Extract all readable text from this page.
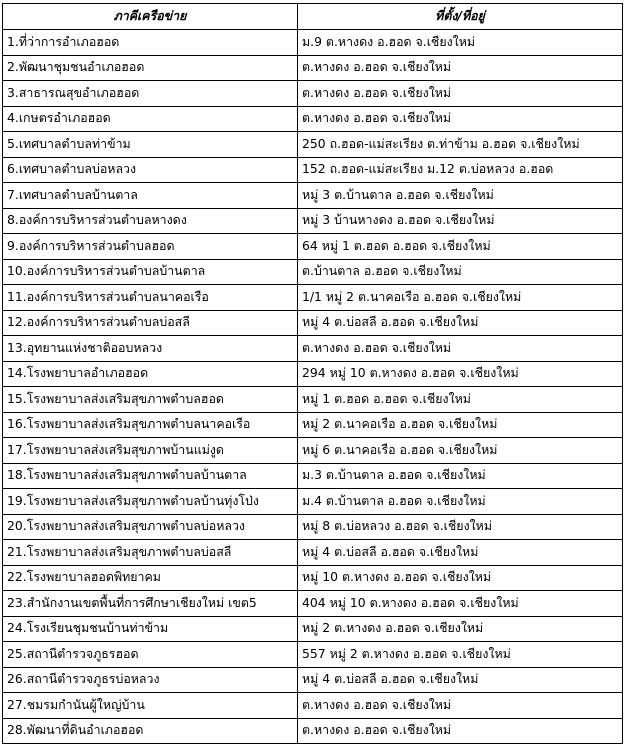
ภาคีเครือข่าย	ที่ตั้ง/ที่อยู่
1.ที่ว่าการอำเภอฮอด	ม.9 ต.หางดง อ.ฮอด จ.เชียงใหม่
2.พัฒนาชุมชนอำเภอฮอด	ต.หางดง อ.ฮอด จ.เชียงใหม่
3.สาธารณสุขอำเภอฮอด	ต.หางดง อ.ฮอด จ.เชียงใหม่
4.เกษตรอำเภอฮอด	ต.หางดง อ.ฮอด จ.เชียงใหม่
5.เทศบาลตำบลท่าข้าม	250 ถ.ฮอด-แม่สะเรียง ต.ท่าข้าม อ.ฮอด จ.เชียงใหม่
6.เทศบาลตำบลบ่อหลวง	152 ถ.ฮอด-แม่สะเรียง ม.12 ต.บ่อหลวง อ.ฮอด
7.เทศบาลตำบลบ้านตาล	หมู่ 3 ต.บ้านตาล อ.ฮอด จ.เชียงใหม่
8.องค์การบริหารส่วนตำบลหางดง	หมู่ 3 บ้านหางดง อ.ฮอด จ.เชียงใหม่
9.องค์การบริหารส่วนตำบลฮอด	64 หมู่ 1 ต.ฮอด อ.ฮอด จ.เชียงใหม่
10.องค์การบริหารส่วนตำบลบ้านตาล	ต.บ้านตาล อ.ฮอด จ.เชียงใหม่
11.องค์การบริหารส่วนตำบลนาคอเรือ	1/1 หมู่ 2 ต.นาคอเรือ อ.ฮอด จ.เชียงใหม่
12.องค์การบริหารส่วนตำบลบ่อสลี	หมู่ 4 ต.บ่อสลี อ.ฮอด จ.เชียงใหม่
13.อุทยานแห่งชาติออบหลวง	ต.หางดง อ.ฮอด จ.เชียงใหม่
14.โรงพยาบาลอำเภอฮอด	294 หมู่ 10 ต.หางดง อ.ฮอด จ.เชียงใหม่
15.โรงพยาบาลส่งเสริมสุขภาพตำบลฮอด	หมู่ 1 ต.ฮอด อ.ฮอด จ.เชียงใหม่
16.โรงพยาบาลส่งเสริมสุขภาพตำบลนาคอเรือ	หมู่ 2 ต.นาคอเรือ อ.ฮอด จ.เชียงใหม่
17.โรงพยาบาลส่งเสริมสุขภาพบ้านแม่งูด	หมู่ 6 ต.นาคอเรือ อ.ฮอด จ.เชียงใหม่
18.โรงพยาบาลส่งเสริมสุขภาพตำบลบ้านตาล	ม.3 ต.บ้านตาล อ.ฮอด จ.เชียงใหม่
19.โรงพยาบาลส่งเสริมสุขภาพตำบลบ้านทุ่งโป่ง	ม.4 ต.บ้านตาล อ.ฮอด จ.เชียงใหม่
20.โรงพยาบาลส่งเสริมสุขภาพตำบลบ่อหลวง	หมู่ 8 ต.บ่อหลวง อ.ฮอด จ.เชียงใหม่
21.โรงพยาบาลส่งเสริมสุขภาพตำบลบ่อสลี	หมู่ 4 ต.บ่อสลี อ.ฮอด จ.เชียงใหม่
22.โรงพยาบาลฮอดพิทยาคม	หมู่ 10 ต.หางดง อ.ฮอด จ.เชียงใหม่
23.สำนักงานเขตพื้นที่การศึกษาเชียงใหม่ เขต5	404 หมู่ 10 ต.หางดง อ.ฮอด จ.เชียงใหม่
24.โรงเรียนชุมชนบ้านท่าข้าม	หมู่ 2 ต.หางดง อ.ฮอด จ.เชียงใหม่
25.สถานีตำรวจภูธรฮอด	557 หมู่ 2 ต.หางดง อ.ฮอด จ.เชียงใหม่
26.สถานีตำรวจภูธรบ่อหลวง	หมู่ 4 ต.บ่อสลี อ.ฮอด จ.เชียงใหม่
27.ชมรมกำนันผู้ใหญ่บ้าน	ต.หางดง อ.ฮอด จ.เชียงใหม่
28.พัฒนาที่ดินอำเภอฮอด	ต.หางดง อ.ฮอด จ.เชียงใหม่
